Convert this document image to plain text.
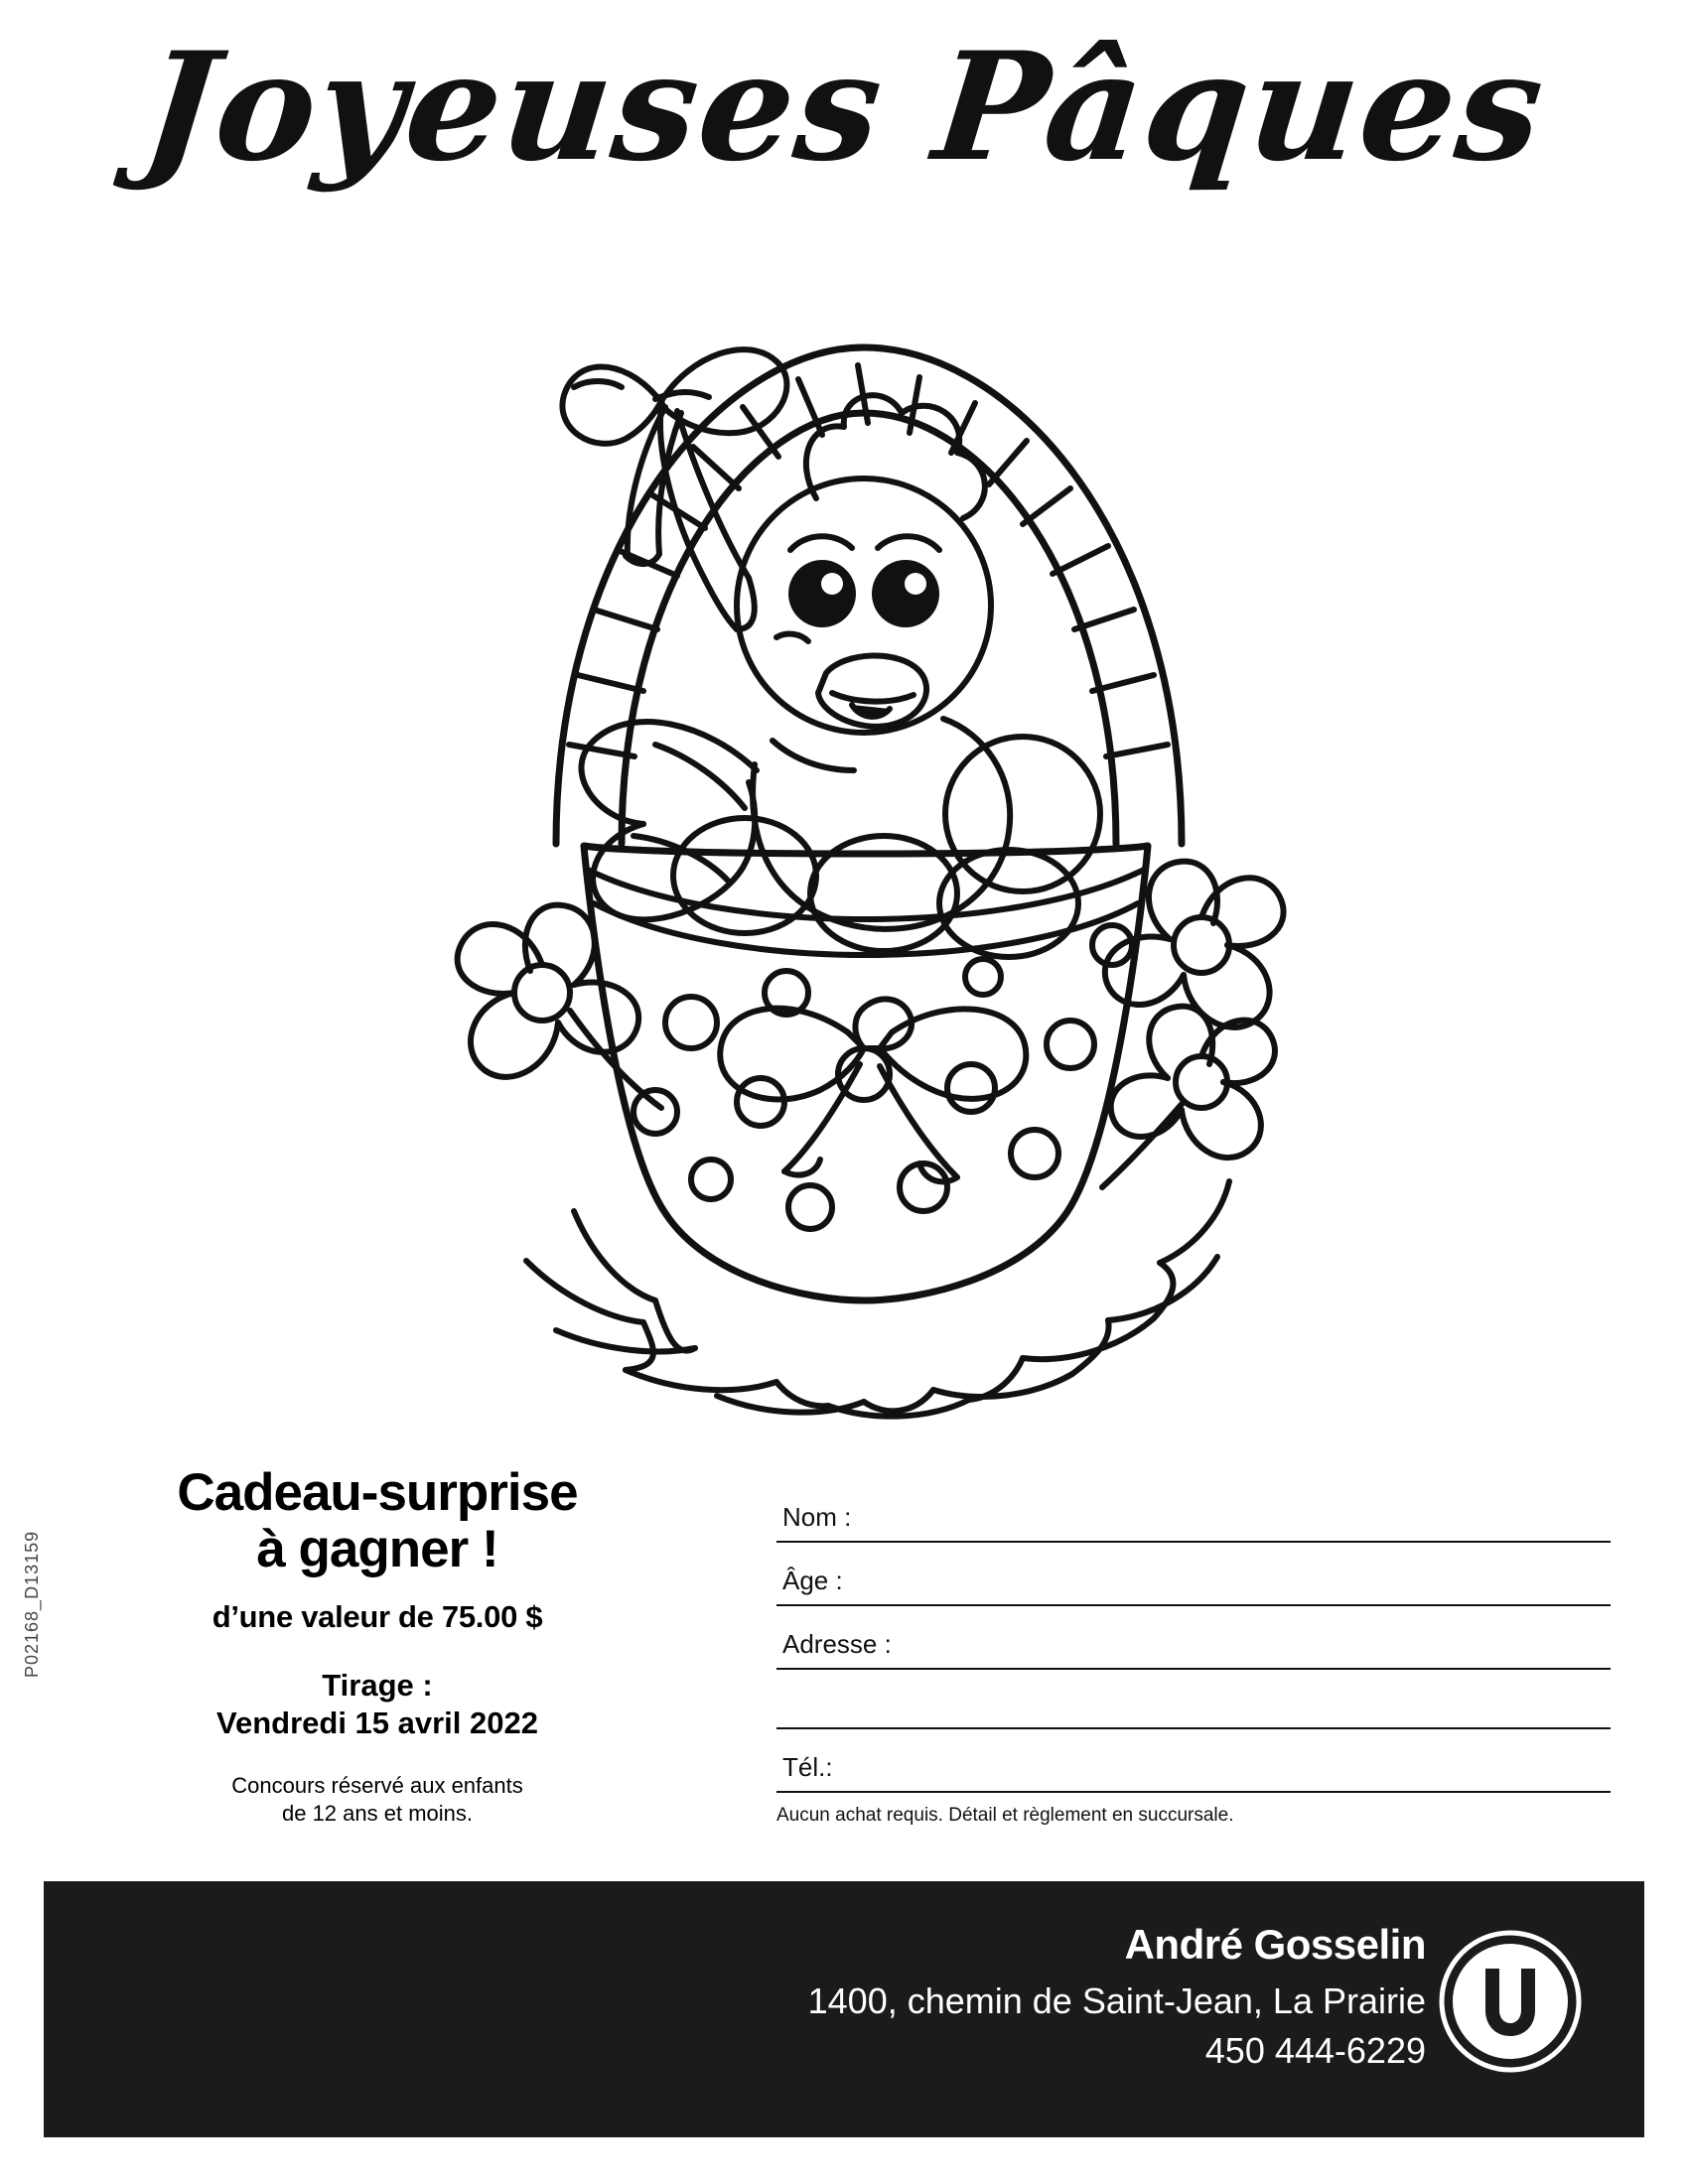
Joyeuses Pâques
P02168_D13159
Cadeau-surprise
à gagner !
d’une valeur de 75.00 $
Tirage :
Vendredi 15 avril 2022
Concours réservé aux enfants
de 12 ans et moins.
Nom :
Âge :
Adresse :
Tél.:
Aucun achat requis. Détail et règlement en succursale.
André Gosselin
1400, chemin de Saint-Jean, La Prairie
450 444-6229
